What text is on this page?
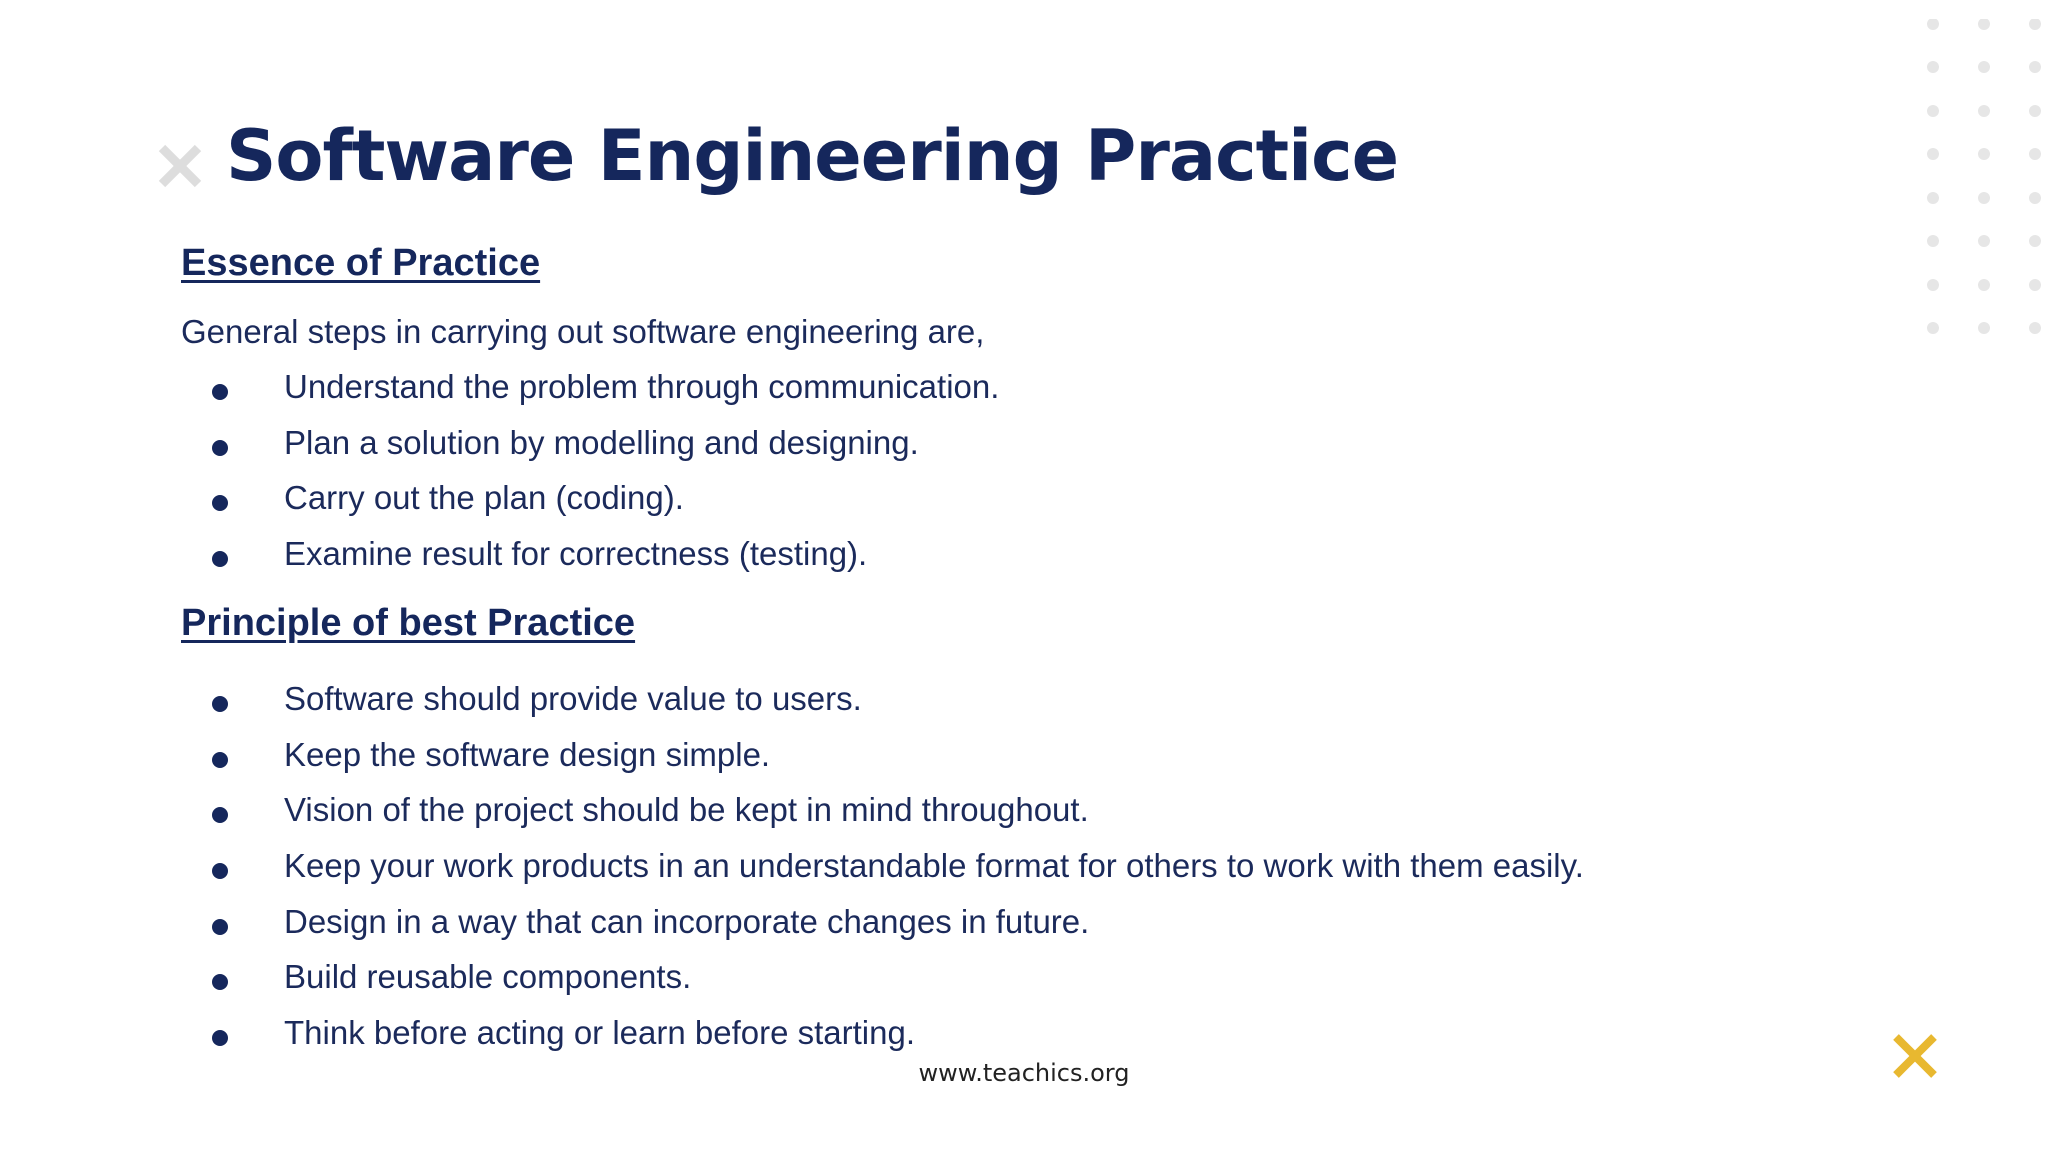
Software Engineering Practice
Essence of Practice

General steps in carrying out software engineering are,

Understand the problem through communication.
Plan a solution by modelling and designing.
Carry out the plan (coding).
Examine result for correctness (testing).
Principle of best Practice
Software should provide value to users.
Keep the software design simple.
Vision of the project should be kept in mind throughout.
Keep your work products in an understandable format for others to work with them easily.
Design in a way that can incorporate changes in future.
Build reusable components.
Think before acting or learn before starting.
www.teachics.org
